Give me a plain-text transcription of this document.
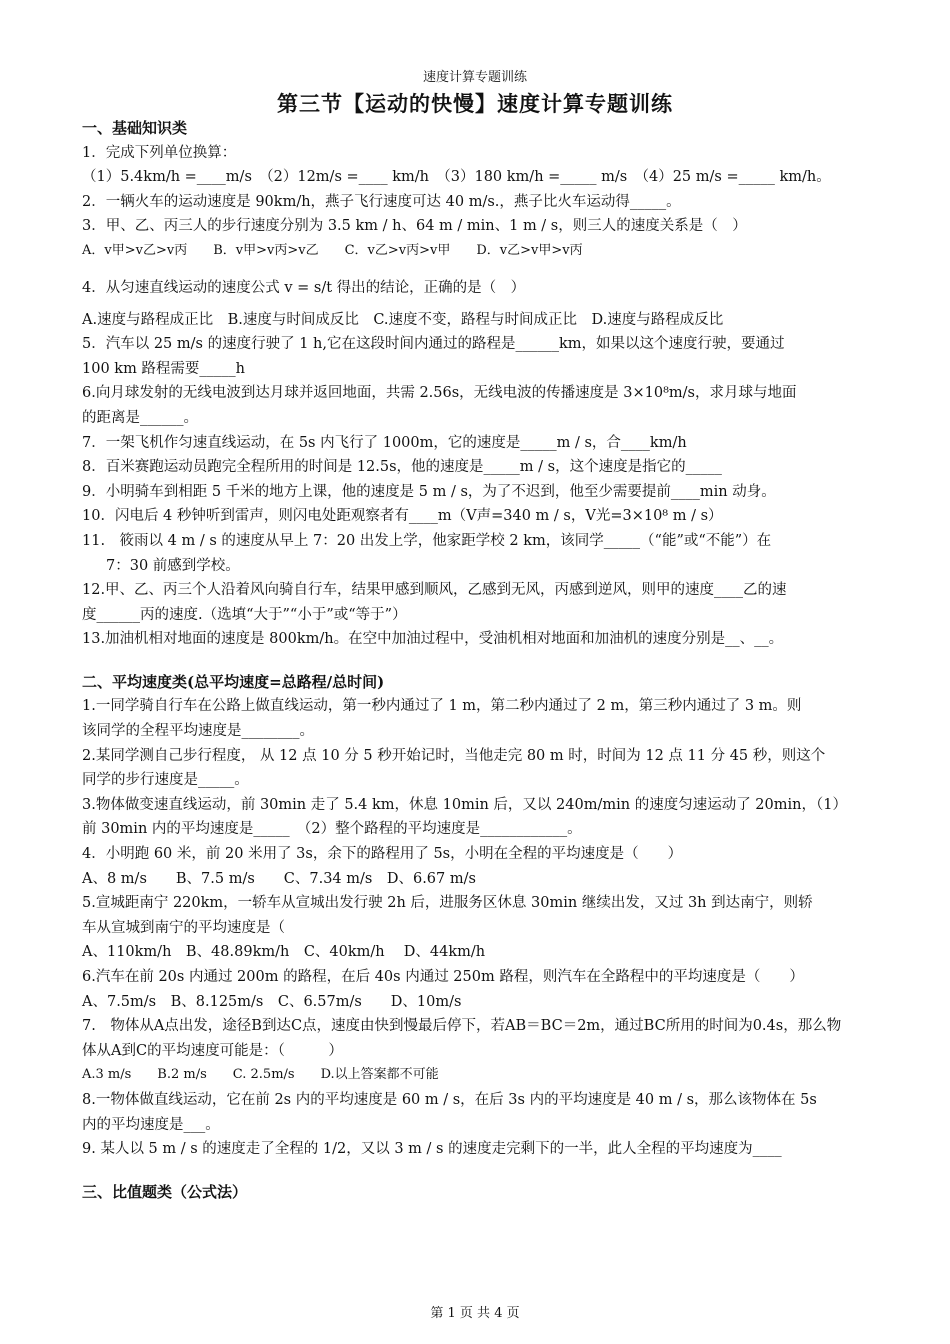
速度计算专题训练
第三节【运动的快慢】速度计算专题训练

一、基础知识类

1．完成下列单位换算：

（1）5.4km/h =____m/s　（2）12m/s =____ km/h　（3）180 km/h =_____ m/s　（4）25 m/s =_____ km/h。

2．一辆火车的运动速度是 90km/h，燕子飞行速度可达 40 m/s.，燕子比火车运动得_____。

3．甲、乙、丙三人的步行速度分别为 3.5 km / h、64 m / min、1 m / s，则三人的速度关系是（　）

A．v甲>v乙>v丙　　B．v甲>v丙>v乙　　C．v乙>v丙>v甲　　D．v乙>v甲>v丙

4．从匀速直线运动的速度公式 v = s/t 得出的结论，正确的是（　）

A.速度与路程成正比　B.速度与时间成反比　C.速度不变，路程与时间成正比　D.速度与路程成反比

5．汽车以 25 m/s 的速度行驶了 1 h,它在这段时间内通过的路程是______km，如果以这个速度行驶，要通过

100 km 路程需要_____h

6.向月球发射的无线电波到达月球并返回地面，共需 2.56s，无线电波的传播速度是 3×10⁸m/s，求月球与地面

的距离是______。

7．一架飞机作匀速直线运动，在 5s 内飞行了 1000m，它的速度是_____m / s，合____km/h

8．百米赛跑运动员跑完全程所用的时间是 12.5s，他的速度是_____m / s，这个速度是指它的_____

9．小明骑车到相距 5 千米的地方上课，他的速度是 5 m / s，为了不迟到，他至少需要提前____min 动身。

10．闪电后 4 秒钟听到雷声，则闪电处距观察者有____m（V声=340 m / s，V光=3×10⁸ m / s）

11.　筱雨以 4 m / s 的速度从早上 7：20 出发上学，他家距学校 2 km，该同学_____（“能”或“不能”）在

7：30 前感到学校。

12.甲、乙、丙三个人沿着风向骑自行车，结果甲感到顺风，乙感到无风，丙感到逆风，则甲的速度____乙的速

度______丙的速度.（选填“大于”“小于”或“等于”）

13.加油机相对地面的速度是 800km/h。在空中加油过程中，受油机相对地面和加油机的速度分别是__、__。

二、平均速度类(总平均速度=总路程/总时间)

1.一同学骑自行车在公路上做直线运动，第一秒内通过了 1 m，第二秒内通过了 2 m，第三秒内通过了 3 m。则

该同学的全程平均速度是________。

2.某同学测自己步行程度， 从 12 点 10 分 5 秒开始记时，当他走完 80 m 时，时间为 12 点 11 分 45 秒，则这个

同学的步行速度是_____。

3.物体做变速直线运动，前 30min 走了 5.4 km，休息 10min 后，又以 240m/min 的速度匀速运动了 20min，（1）

前 30min 内的平均速度是_____　（2）整个路程的平均速度是____________。

4．小明跑 60 米，前 20 米用了 3s，余下的路程用了 5s，小明在全程的平均速度是（　　）

A、8 m/s　　B、7.5 m/s　　C、7.34 m/s　D、6.67 m/s

5.宣城距南宁 220km，一轿车从宣城出发行驶 2h 后，进服务区休息 30min 继续出发，又过 3h 到达南宁，则轿

车从宣城到南宁的平均速度是（

A、110km/h　B、48.89km/h　C、40km/h　 D、44km/h

6.汽车在前 20s 内通过 200m 的路程，在后 40s 内通过 250m 路程，则汽车在全路程中的平均速度是（　　）

A、7.5m/s　B、8.125m/s　C、6.57m/s　　D、10m/s

7.　物体从A点出发，途径B到达C点，速度由快到慢最后停下，若AB＝BC＝2m，通过BC所用的时间为0.4s，那么物

体从A到C的平均速度可能是：（　　　）

A.3 m/s　　B.2 m/s　　C. 2.5m/s　　D.以上答案都不可能

8.一物体做直线运动，它在前 2s 内的平均速度是 60 m / s，在后 3s 内的平均速度是 40 m / s，那么该物体在 5s

内的平均速度是___。

9. 某人以 5 m / s 的速度走了全程的 1/2，又以 3 m / s 的速度走完剩下的一半，此人全程的平均速度为____

三、比值题类（公式法）

第 1 页 共 4 页
